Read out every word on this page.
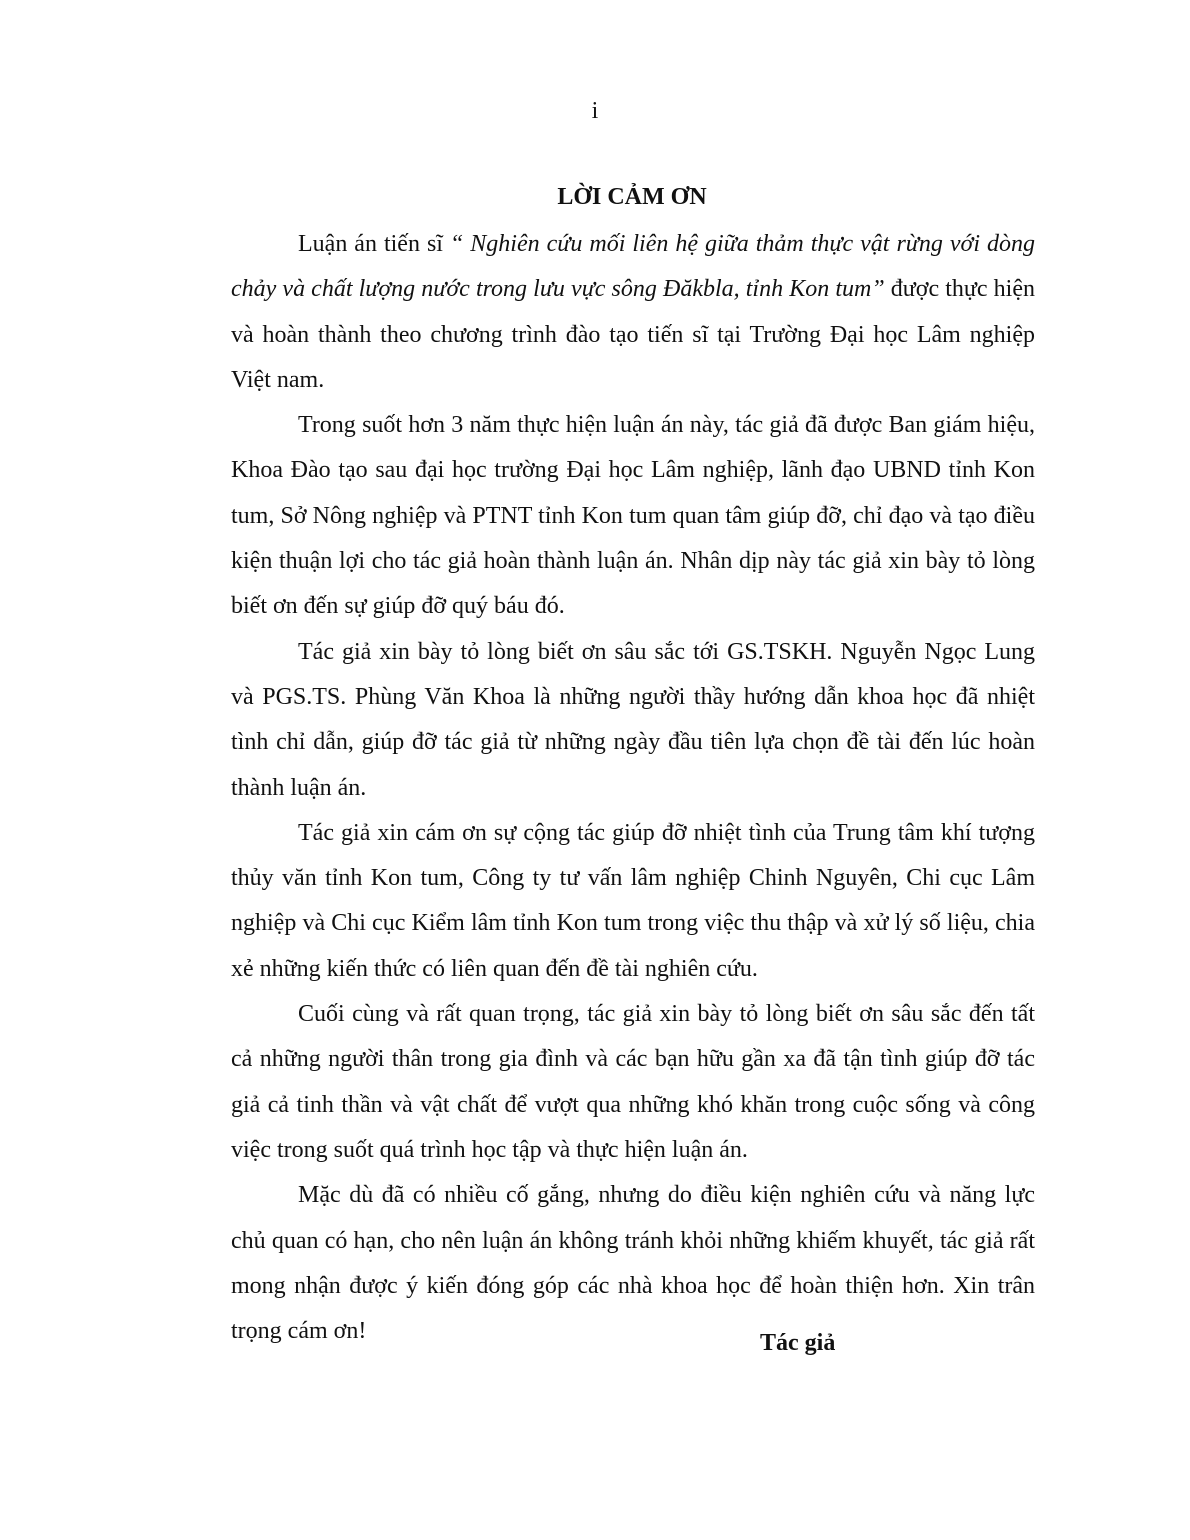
i
LỜI CẢM ƠN

Luận án tiến sĩ “ Nghiên cứu mối liên hệ giữa thảm thực vật rừng với dòng chảy và chất lượng nước trong lưu vực sông Đăkbla, tỉnh Kon tum” được thực hiện và hoàn thành theo chương trình đào tạo tiến sĩ tại Trường Đại học Lâm nghiệp Việt nam.

Trong suốt hơn 3 năm thực hiện luận án này, tác giả đã được Ban giám hiệu, Khoa Đào tạo sau đại học trường Đại học Lâm nghiệp, lãnh đạo UBND tỉnh Kon tum, Sở Nông nghiệp và PTNT tỉnh Kon tum quan tâm giúp đỡ, chỉ đạo và tạo điều kiện thuận lợi cho tác giả hoàn thành luận án. Nhân dịp này tác giả xin bày tỏ lòng biết ơn đến sự giúp đỡ quý báu đó.

Tác giả xin bày tỏ lòng biết ơn sâu sắc tới GS.TSKH. Nguyễn Ngọc Lung và PGS.TS. Phùng Văn Khoa là những người thầy hướng dẫn khoa học đã nhiệt tình chỉ dẫn, giúp đỡ tác giả từ những ngày đầu tiên lựa chọn đề tài đến lúc hoàn thành luận án.

Tác giả xin cám ơn sự cộng tác giúp đỡ nhiệt tình của Trung tâm khí tượng thủy văn tỉnh Kon tum, Công ty tư vấn lâm nghiệp Chinh Nguyên, Chi cục Lâm nghiệp và Chi cục Kiểm lâm tỉnh Kon tum trong việc thu thập và xử lý số liệu, chia xẻ những kiến thức có liên quan đến đề tài nghiên cứu.

Cuối cùng và rất quan trọng, tác giả xin bày tỏ lòng biết ơn sâu sắc đến tất cả những người thân trong gia đình và các bạn hữu gần xa đã tận tình giúp đỡ tác giả cả tinh thần và vật chất để vượt qua những khó khăn trong cuộc sống và công việc trong suốt quá trình học tập và thực hiện luận án.

Mặc dù đã có nhiều cố gắng, nhưng do điều kiện nghiên cứu và năng lực chủ quan có hạn, cho nên luận án không tránh khỏi những khiếm khuyết, tác giả rất mong nhận được ý kiến đóng góp các nhà khoa học để hoàn thiện hơn. Xin trân trọng cám ơn!	Tác giả
